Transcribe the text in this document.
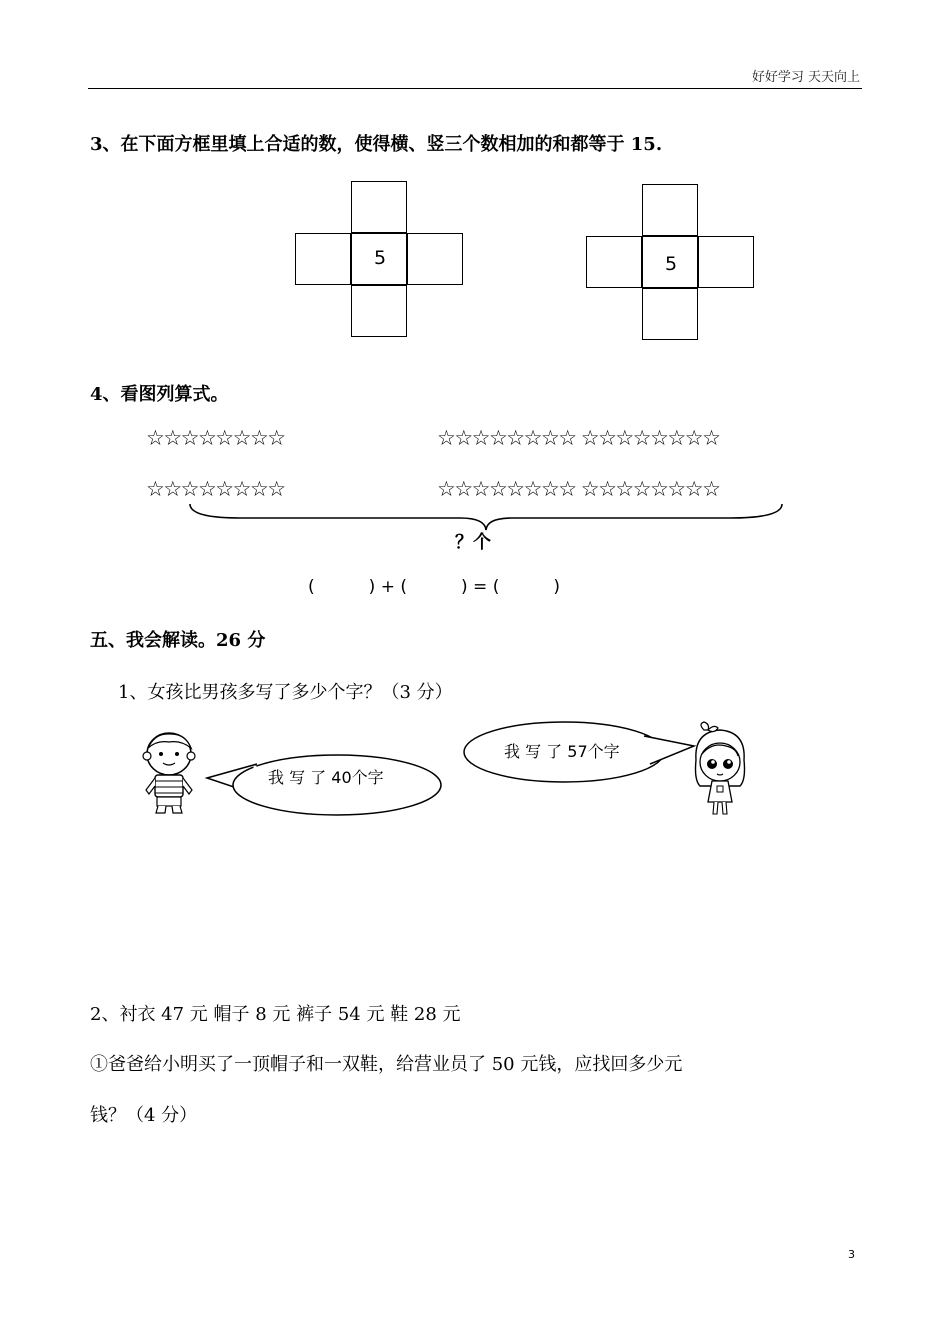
好好学习 天天向上
3、在下面方框里填上合适的数，使得横、竖三个数相加的和都等于 15.
5	5
4、看图列算式。
☆☆☆☆☆☆☆☆
☆☆☆☆☆☆☆☆
☆☆☆☆☆☆☆☆ ☆☆☆☆☆☆☆☆
☆☆☆☆☆☆☆☆ ☆☆☆☆☆☆☆☆
？个
(          ) + (          ) = (          )
五、我会解读。26 分
1、女孩比男孩多写了多少个字？（3 分）
我 写 了 40个字
我 写 了 57个字
2、衬衣 47 元 帽子 8 元 裤子 54 元 鞋 28 元
①爸爸给小明买了一顶帽子和一双鞋，给营业员了 50 元钱，应找回多少元
钱？（4 分）
3
